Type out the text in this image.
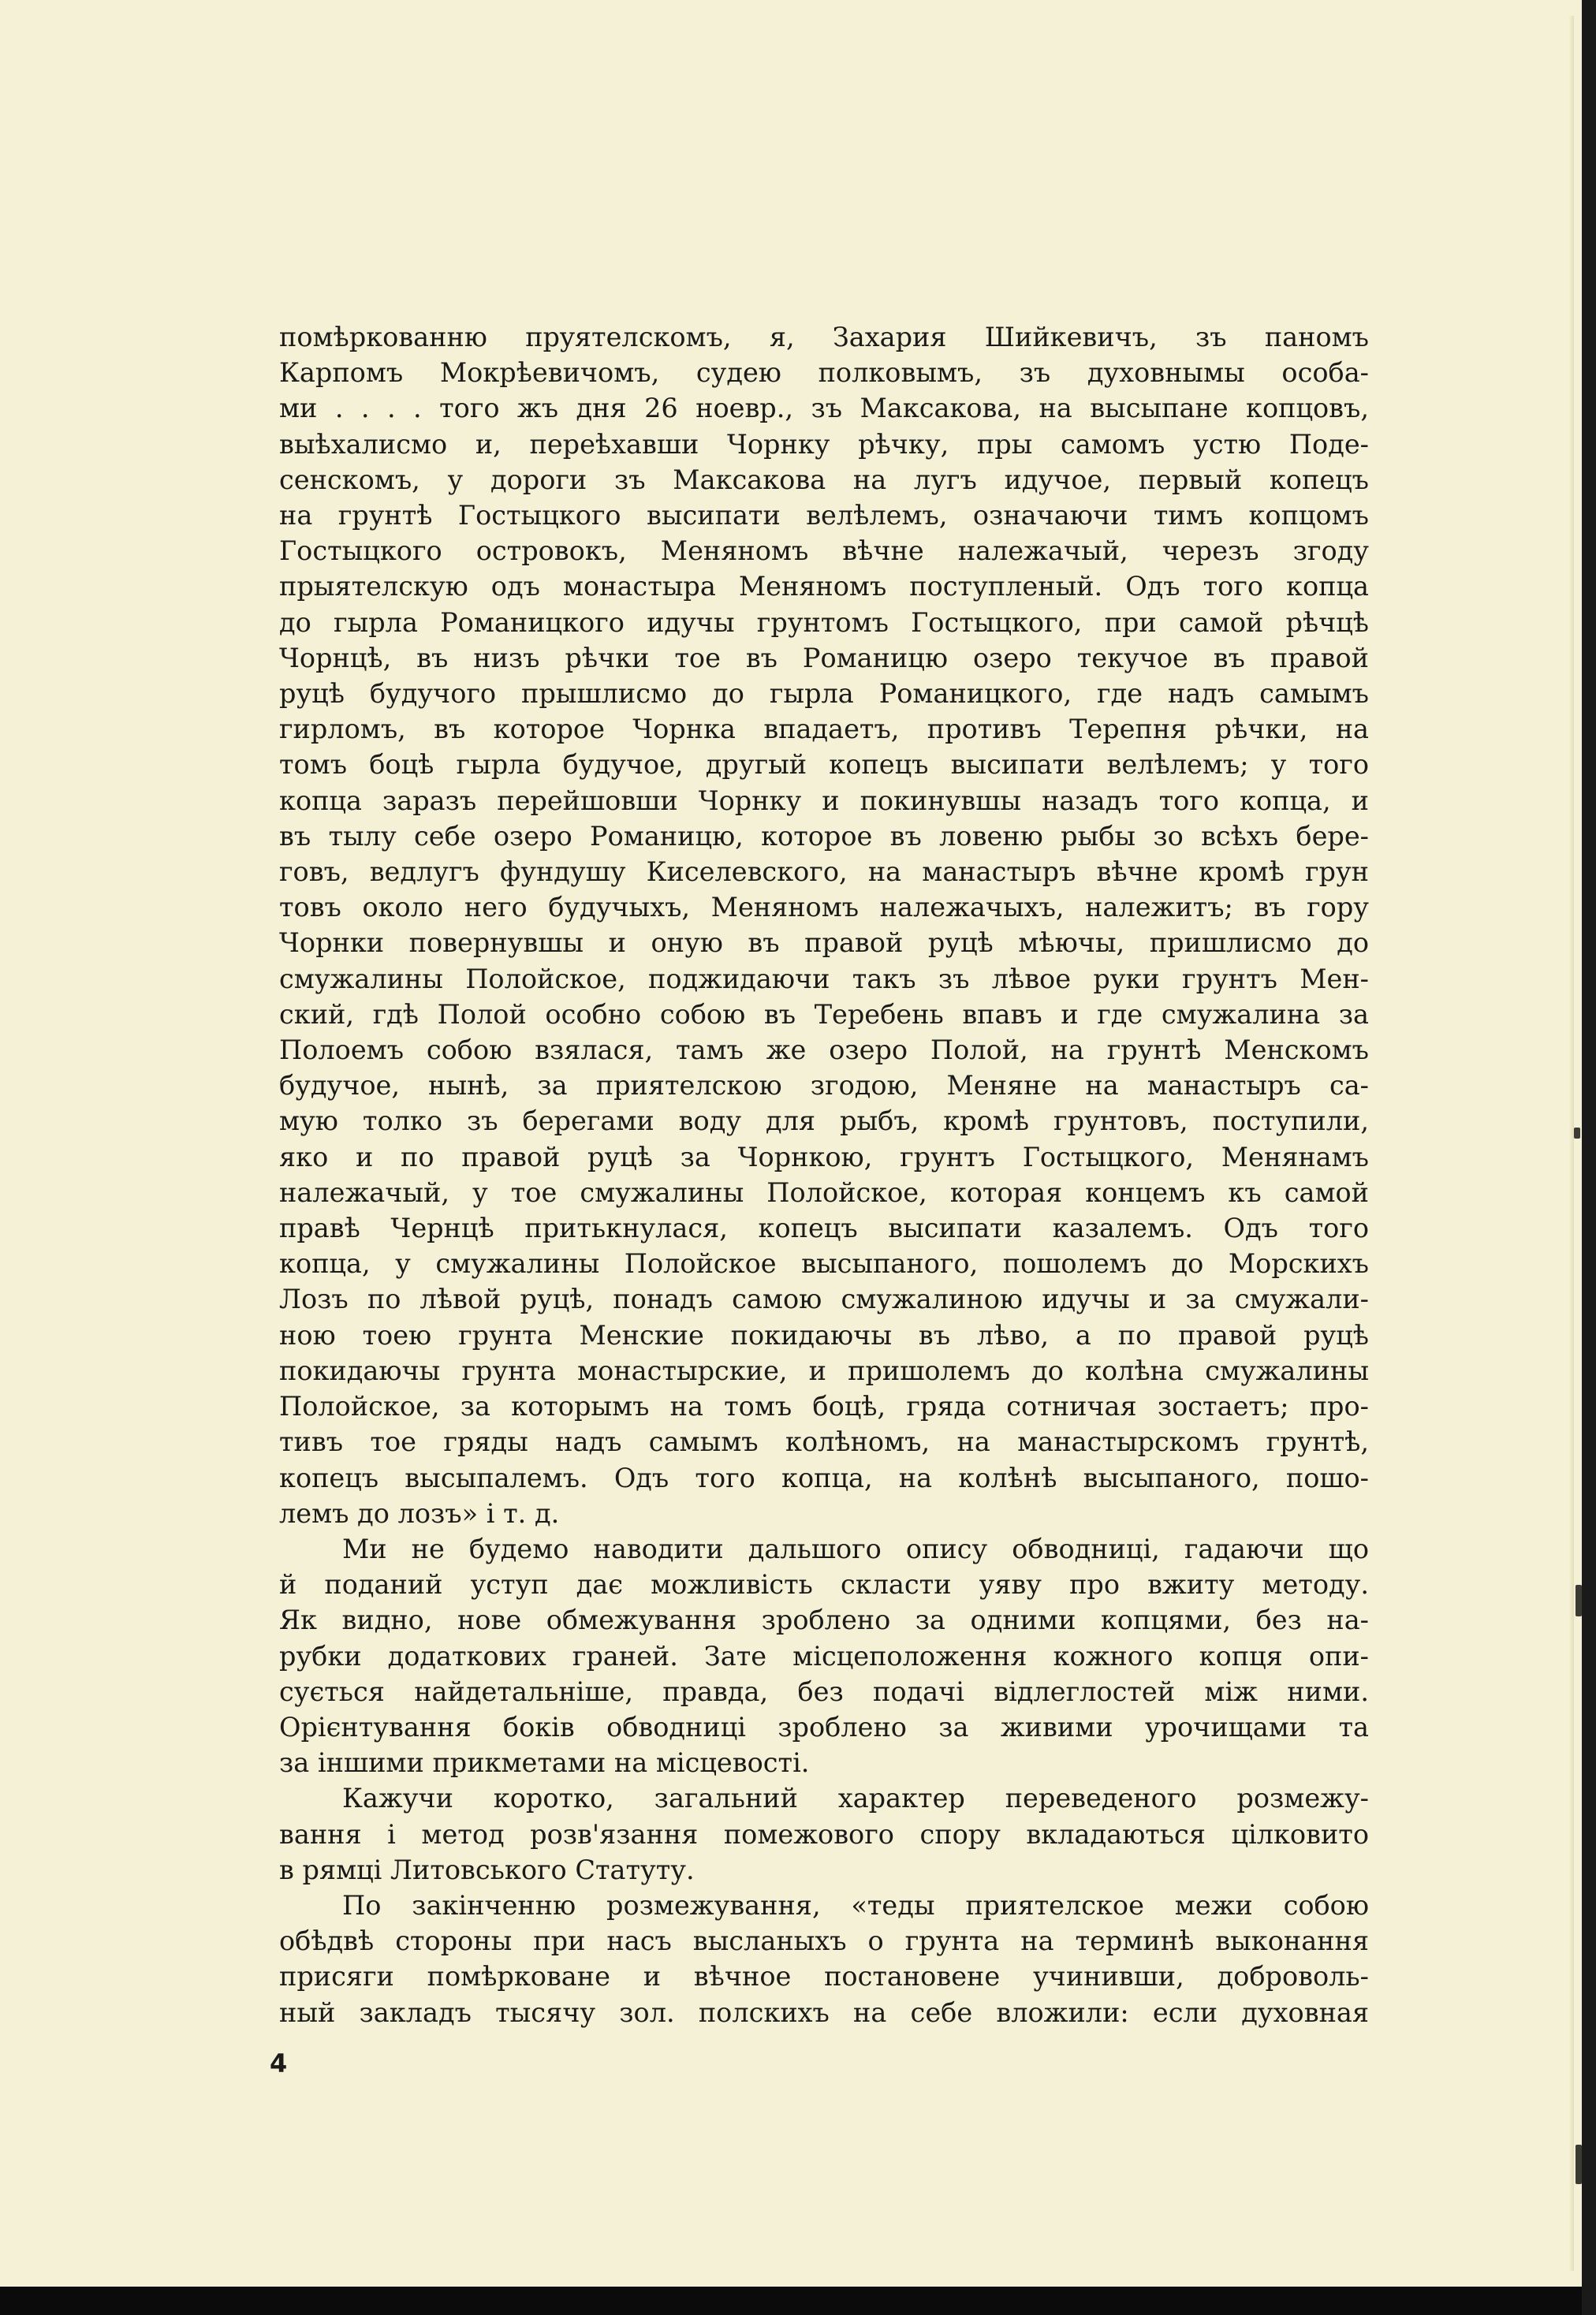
помѣркованню прyятелскомъ, я, Захария Шийкевичъ, зъ паномъ
Карпомъ Мокрѣевичомъ, судею полковымъ, зъ духовнымы особа-
ми . . . . того жъ дня 26 ноевр., зъ Максакова, на высыпане копцовъ,
выѣхалисмо и, переѣхавши Чорнку рѣчку, пры самомъ устю Поде-
сенскомъ, у дороги зъ Максакова на лугъ идучое, первый копецъ
на грунтѣ Гостыцкого высипати велѣлемъ, означаючи тимъ копцомъ
Гостыцкого островокъ, Меняномъ вѣчне належачый, черезъ згоду
прыятелскую одъ монастыра Меняномъ поступленый. Одъ того копца
до гырла Романицкого идучы грунтомъ Гостыцкого, при самой рѣчцѣ
Чорнцѣ, въ низъ рѣчки тое въ Романицю озеро текучое въ правой
руцѣ будучого прышлисмо до гырла Романицкого, где надъ самымъ
гирломъ, въ которое Чорнка впадаетъ, противъ Терепня рѣчки, на
томъ боцѣ гырла будучое, другый копецъ высипати велѣлемъ; у того
копца заразъ перейшовши Чорнку и покинувшы назадъ того копца, и
въ тылу себе озеро Романицю, которое въ ловеню рыбы зо всѣхъ бере-
говъ, ведлугъ фундушу Киселевского, на манастыръ вѣчне кромѣ грун
товъ около него будучыхъ, Меняномъ належачыхъ, належитъ; въ гору
Чорнки повернувшы и оную въ правой руцѣ мѣючы, пришлисмо до
смужалины Полойское, поджидаючи такъ зъ лѣвое руки грунтъ Мен-
ский, гдѣ Полой особно собою въ Теребень впавъ и где смужалина за
Полоемъ собою взялася, тамъ же озеро Полой, на грунтѣ Менскомъ
будучое, нынѣ, за приятелскою згодою, Меняне на манастыръ са-
мую толко зъ берегами воду для рыбъ, кромѣ грунтовъ, поступили,
яко и по правой руцѣ за Чорнкою, грунтъ Гостыцкого, Менянамъ
належачый, у тое смужалины Полойское, которая концемъ къ самой
правѣ Чернцѣ притькнулася, копецъ высипати казалемъ. Одъ того
копца, у смужалины Полойское высыпаного, пошолемъ до Морскихъ
Лозъ по лѣвой руцѣ, понадъ самою смужалиною идучы и за смужали-
ною тоею грунта Менские покидаючы въ лѣво, а по правой руцѣ
покидаючы грунта монастырские, и пришолемъ до колѣна смужалины
Полойское, за которымъ на томъ боцѣ, гряда сотничая зостаетъ; про-
тивъ тое гряды надъ самымъ колѣномъ, на манастырскомъ грунтѣ,
копецъ высыпалемъ. Одъ того копца, на колѣнѣ высыпаного, пошо-
лемъ до лозъ» і т. д.
Ми не будемо наводити дальшого опису обводниці, гадаючи що
й поданий уступ дає можливість скласти уяву про вжиту методу.
Як видно, нове обмежування зроблено за одними копцями, без на-
рубки додаткових граней. Зате місцеположення кожного копця опи-
сується найдетальніше, правда, без подачі відлеглостей між ними.
Орієнтування боків обводниці зроблено за живими урочищами та
за іншими прикметами на місцевості.
Кажучи коротко, загальний характер переведеного розмежу-
вання і метод розв'язання помежового спору вкладаються цілковито
в рямці Литовського Статуту.
По закінченню розмежування, «теды приятелское межи собою
обѣдвѣ стороны при насъ высланыхъ о грунта на терминѣ выконання
присяги помѣрковане и вѣчное постановене учинивши, доброволь-
ный закладъ тысячу зол. полскихъ на себе вложили: если духовная
4
